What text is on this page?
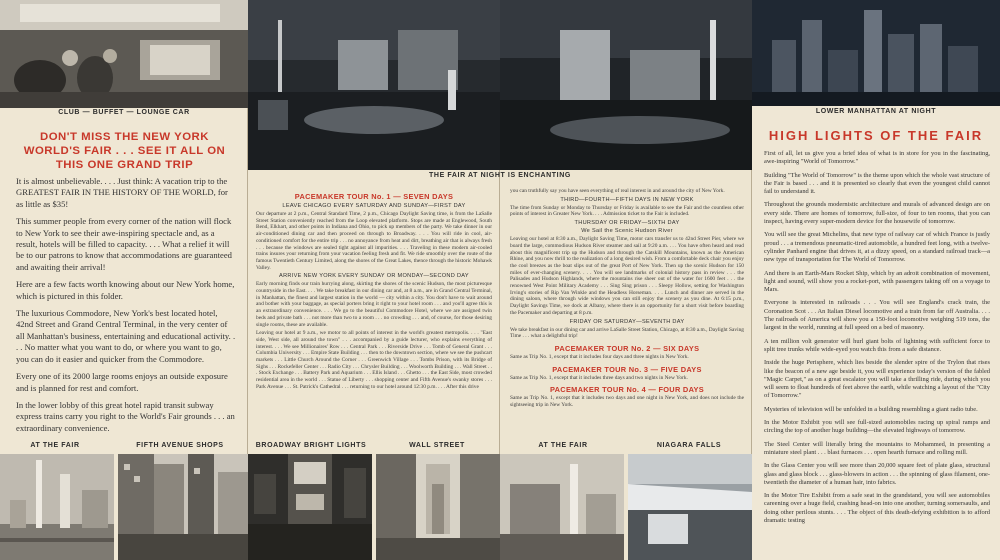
CLUB — BUFFET — LOUNGE CAR
DON'T MISS THE NEW YORK WORLD'S FAIR . . . SEE IT ALL ON THIS ONE GRAND TRIP

It is almost unbelievable. . . . Just think: A vacation trip to the GREATEST FAIR IN THE HISTORY OF THE WORLD, for as little as $35!

This summer people from every corner of the nation will flock to New York to see their awe-inspiring spectacle and, as a result, hotels will be filled to capacity. . . . What a relief it will be to our patrons to know that accommodations are guaranteed and awaiting their arrival!

Here are a few facts worth knowing about our New York home, which is pictured in this folder.

The luxurious Commodore, New York's best located hotel, 42nd Street and Grand Central Terminal, in the very center of all Manhattan's business, entertaining and educational activity. . . . No matter what you want to do, or where you want to go, you can do it easier and quicker from the Commodore.

Every one of its 2000 large rooms enjoys an outside exposure and is planned for rest and comfort.

In the lower lobby of this great hotel rapid transit subway express trains carry you right to the World's Fair grounds . . . an extraordinary convenience.

AT THE FAIR	FIFTH AVENUE SHOPS
PACEMAKER TOUR No. 1 — SEVEN DAYS
LEAVE CHICAGO EVERY SATURDAY AND SUNDAY—FIRST DAY

Our departure at 2 p.m., Central Standard Time, 2 p.m., Chicago Daylight Saving time, is from the LaSalle Street Station conveniently reached from the Loop elevated platform. Stops are made at Englewood, South Bend, Elkhart, and other points in Indiana and Ohio, to pick up members of the party. We take dinner in our air-conditioned dining car and then proceed on through to Broadway. . . . You will ride in cool, air-conditioned comfort for the entire trip . . . no annoyance from heat and dirt, breathing air that is always fresh . . . because the windows are sealed tight against all impurities. . . . Traveling in these modern air-cooled trains insures your returning from your vacation feeling fresh and fit. We ride smoothly over the route of the famous Twentieth Century Limited, along the shores of the Great Lakes, thence through the historic Mohawk Valley.

ARRIVE NEW YORK EVERY SUNDAY OR MONDAY—SECOND DAY

Early morning finds our train hurrying along, skirting the shores of the scenic Hudson, the most picturesque countryside in the East. . . . We take breakfast in our dining car and, at 8 a.m., are in Grand Central Terminal, in Manhattan, the finest and largest station in the world — city within a city. You don't have to wait around and bother with your baggage, as special porters bring it right to your hotel room . . . and you'll agree this is an extraordinary convenience. . . . We go to the beautiful Commodore Hotel, where we are assigned twin beds and private bath . . . not more than two to a room . . . no crowding . . . and, of course, for those desiring single rooms, these are available.

Leaving our hotel at 9 a.m., we motor to all points of interest in the world's greatest metropolis. . . . "East side, West side, all around the town" . . . accompanied by a guide lecturer, who explains everything of interest. . . . We see Millionaires' Row . . . Central Park . . . Riverside Drive . . . Tomb of General Grant . . . Columbia University . . . Empire State Building . . . then to the downtown section, where we see the pushcart markets . . . Little Church Around the Corner . . . Greenwich Village . . . Tombs Prison, with its Bridge of Sighs . . . Rockefeller Center . . . Radio City . . . Chrysler Building . . . Woolworth Building . . . Wall Street . . . Stock Exchange . . . Battery Park and Aquarium . . . Ellis Island . . . Ghetto . . . the East Side, most crowded residential area in the world . . . Statue of Liberty . . . shopping center and Fifth Avenue's swanky stores . . . Park Avenue . . . St. Patrick's Cathedral . . . returning to our hotel around 12:30 p.m. . . . After this drive

BROADWAY BRIGHT LIGHTS	WALL STREET
THE FAIR AT NIGHT IS ENCHANTING

you can truthfully say you have seen everything of real interest in and around the city of New York.

THIRD—FOURTH—FIFTH DAYS IN NEW YORK

The time from Sunday or Monday to Thursday or Friday is available to see the Fair and the countless other points of interest in Greater New York. . . . Admission ticket to the Fair is included.

THURSDAY OR FRIDAY—SIXTH DAY
We Sail the Scenic Hudson River

Leaving our hotel at 8:30 a.m., Daylight Saving Time, motor cars transfer us to 42nd Street Pier, where we board the large, commodious Hudson River steamer and sail at 9:20 a.m. . . . You have often heard and read about this magnificent trip up the Hudson and through the Catskill Mountains, known as the American Rhine, and you now thrill to the realization of a long desired wish. From a comfortable deck chair you enjoy the cool breezes as the boat slips out of the great Port of New York. Then up the scenic Hudson for 150 miles of ever-changing scenery. . . . You will see landmarks of colonial history pass in review . . . the Palisades and Hudson Highlands, where the mountains rise sheer out of the water for 1600 feet . . . the renowned West Point Military Academy . . . Sing Sing prison . . . Sleepy Hollow, setting for Washington Irving's stories of Rip Van Winkle and the Headless Horseman. . . . Lunch and dinner are served in the dining saloon, where through wide windows you can still enjoy the scenery as you dine. At 6:15 p.m., Daylight Savings Time, we dock at Albany, where there is an opportunity for a short visit before boarding the Pacemaker and departing at 8 p.m.

FRIDAY OR SATURDAY—SEVENTH DAY

We take breakfast in our dining car and arrive LaSalle Street Station, Chicago, at 8:30 a.m., Daylight Saving Time . . . what a delightful trip!

PACEMAKER TOUR No. 2 — SIX DAYS

Same as Trip No. 1, except that it includes four days and three nights in New York.

PACEMAKER TOUR No. 3 — FIVE DAYS

Same as Trip No. 1, except that it includes three days and two nights in New York.

PACEMAKER TOUR No. 4 — FOUR DAYS

Same as Trip No. 1, except that it includes two days and one night in New York, and does not include the sightseeing trip in New York.

AT THE FAIR	NIAGARA FALLS
LOWER MANHATTAN AT NIGHT
HIGH LIGHTS OF THE FAIR

First of all, let us give you a brief idea of what is in store for you in the fascinating, awe-inspiring "World of Tomorrow."

Building "The World of Tomorrow" is the theme upon which the whole vast structure of the Fair is based . . . and it is presented so clearly that even the youngest child cannot fail to understand it.

Throughout the grounds modernistic architecture and murals of advanced design are on every side. There are homes of tomorrow, full-size, of four to ten rooms, that you can inspect, having every super-modern device for the housewife of tomorrow.

You will see the great Michelins, that new type of railway car of which France is justly proud . . . a tremendous pneumatic-tired automobile, a hundred feet long, with a twelve-cylinder Panhard engine that drives it, at a dizzy speed, on a standard railroad track—a new type of transportation for The World of Tomorrow.

And there is an Earth-Mars Rocket Ship, which by an adroit combination of movement, light and sound, will show you a rocket-port, with passengers taking off on a voyage to Mars.

Everyone is interested in railroads . . . You will see England's crack train, the Coronation Scot . . . An Italian Diesel locomotive and a train from far off Australia. . . . The railroads of America will show you a 150-foot locomotive weighing 519 tons, the largest in the world, running at full speed on a bed of masonry.

A ten million volt generator will hurl giant bolts of lightning with sufficient force to split tree trunks while wide-eyed you watch this from a safe distance.

Inside the huge Perisphere, which lies beside the slender spire of the Trylon that rises like the beacon of a new age beside it, you will experience today's version of the fabled "Magic Carpet," as on a great escalator you will take a thrilling ride, during which you will seem to float hundreds of feet above the earth, while watching a layout of the "City of Tomorrow."

Mysteries of television will be unfolded in a building resembling a giant radio tube.

In the Motor Exhibit you will see full-sized automobiles racing up spiral ramps and circling the top of another huge building—the elevated highways of tomorrow.

The Steel Center will literally bring the mountains to Mohammed, in presenting a miniature steel plant . . . blast furnaces . . . open hearth furnace and rolling mill.

In the Glass Center you will see more than 20,000 square feet of plate glass, structural glass and glass block . . . glass-blowers in action . . . the spinning of glass filament, one-twentieth the diameter of a human hair, into fabrics.

In the Motor Tire Exhibit from a safe seat in the grandstand, you will see automobiles careening over a huge field, crashing head-on into one another, turning somersaults, and doing other perilous stunts. . . . The object of this death-defying exhibition is to afford dramatic testing
